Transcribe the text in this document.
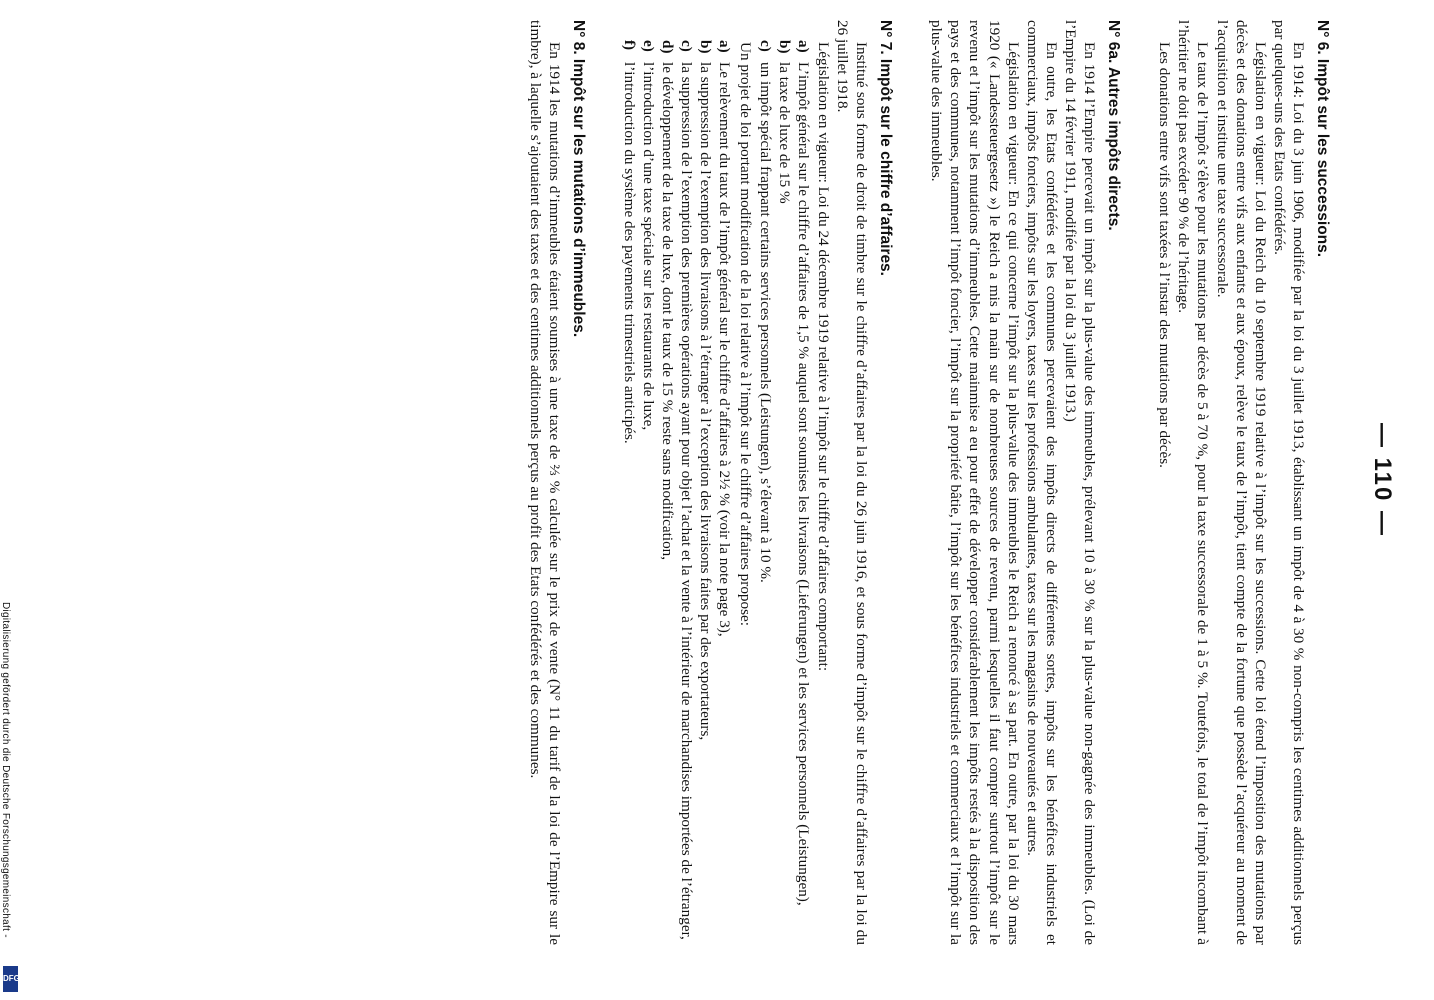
Digitalisierung gefördert durch die Deutsche Forschungsgemeinschaft -
DFG
— 110 —

N° 6. Impôt sur les successions.

En 1914: Loi du 3 juin 1906, modifiée par la loi du 3 juillet 1913, établissant un impôt de 4 à 30 % non-compris les centimes additionnels perçus par quelques-uns des Etats confédérés.

Législation en vigueur: Loi du Reich du 10 septembre 1919 relative à l’impôt sur les successions. Cette loi étend l’imposition des mutations par décès et des donations entre vifs aux enfants et aux époux, relève le taux de l’impôt, tient compte de la fortune que possède l’acquéreur au moment de l’acquisition et institue une taxe successorale.

Le taux de l’impôt s’élève pour les mutations par décès de 5 à 70 %, pour la taxe successorale de 1 à 5 %. Toutefois, le total de l’impôt incombant à l’héritier ne doit pas excéder 90 % de l’héritage.

Les donations entre vifs sont taxées à l’instar des mutations par décès.

N° 6a. Autres impôts directs.

En 1914 l’Empire percevait un impôt sur la plus-value des immeubles, prélevant 10 à 30 % sur la plus-value non-gagnée des immeubles. (Loi de l’Empire du 14 février 1911, modifiée par la loi du 3 juillet 1913.)

En outre, les Etats confédérés et les communes percevaient des impôts directs de différentes sortes, impôts sur les bénéfices industriels et commerciaux, impôts fonciers, impôts sur les loyers, taxes sur les professions ambulantes, taxes sur les magasins de nouveautés et autres.

Législation en vigueur: En ce qui concerne l’impôt sur la plus-value des immeubles le Reich a renoncé à sa part. En outre, par la loi du 30 mars 1920 (« Landessteuergesetz ») le Reich a mis la main sur de nombreuses sources de revenu, parmi lesquelles il faut compter surtout l’impôt sur le revenu et l’impôt sur les mutations d’immeubles. Cette mainmise a eu pour effet de développer considérablement les impôts restés à la disposition des pays et des communes, notamment l’impôt foncier, l’impôt sur la propriété bâtie, l’impôt sur les bénéfices industriels et commerciaux et l’impôt sur la plus-value des immeubles.

N° 7. Impôt sur le chiffre d’affaires.

Institué sous forme de droit de timbre sur le chiffre d’affaires par la loi du 26 juin 1916, et sous forme d’impôt sur le chiffre d’affaires par la loi du 26 juillet 1918.

Législation en vigueur: Loi du 24 décembre 1919 relative à l’impôt sur le chiffre d’affaires comportant:

a)L’impôt général sur le chiffre d’affaires de 1,5 % auquel sont soumises les livraisons (Lieferungen) et les services personnels (Leistungen),
b)la taxe de luxe de 15 %
c)un impôt spécial frappant certains services personnels (Leistungen), s’élevant à 10 %.

Un projet de loi portant modification de la loi relative à l’impôt sur le chiffre d’affaires propose:

a)Le relèvement du taux de l’impôt général sur le chiffre d’affaires à 2½ % (voir la note page 3),
b)la suppression de l’exemption des livraisons à l’étranger à l’exception des livraisons faites par des exportateurs,
c)la suppression de l’exemption des premières opérations ayant pour objet l’achat et la vente à l’intérieur de marchandises importées de l’étranger,
d)le développement de la taxe de luxe, dont le taux de 15 % reste sans modification,
e)l’introduction d’une taxe spéciale sur les restaurants de luxe,
f)l’introduction du système des payements trimestriels anticipés.

N° 8. Impôt sur les mutations d’immeubles.

En 1914 les mutations d’immeubles étaient soumises à une taxe de ⅔ % calculée sur le prix de vente (N° 11 du tarif de la loi de l’Empire sur le timbre), à laquelle s’ajoutaient des taxes et des centimes additionnels perçus au profit des Etats confédérés et des communes.
